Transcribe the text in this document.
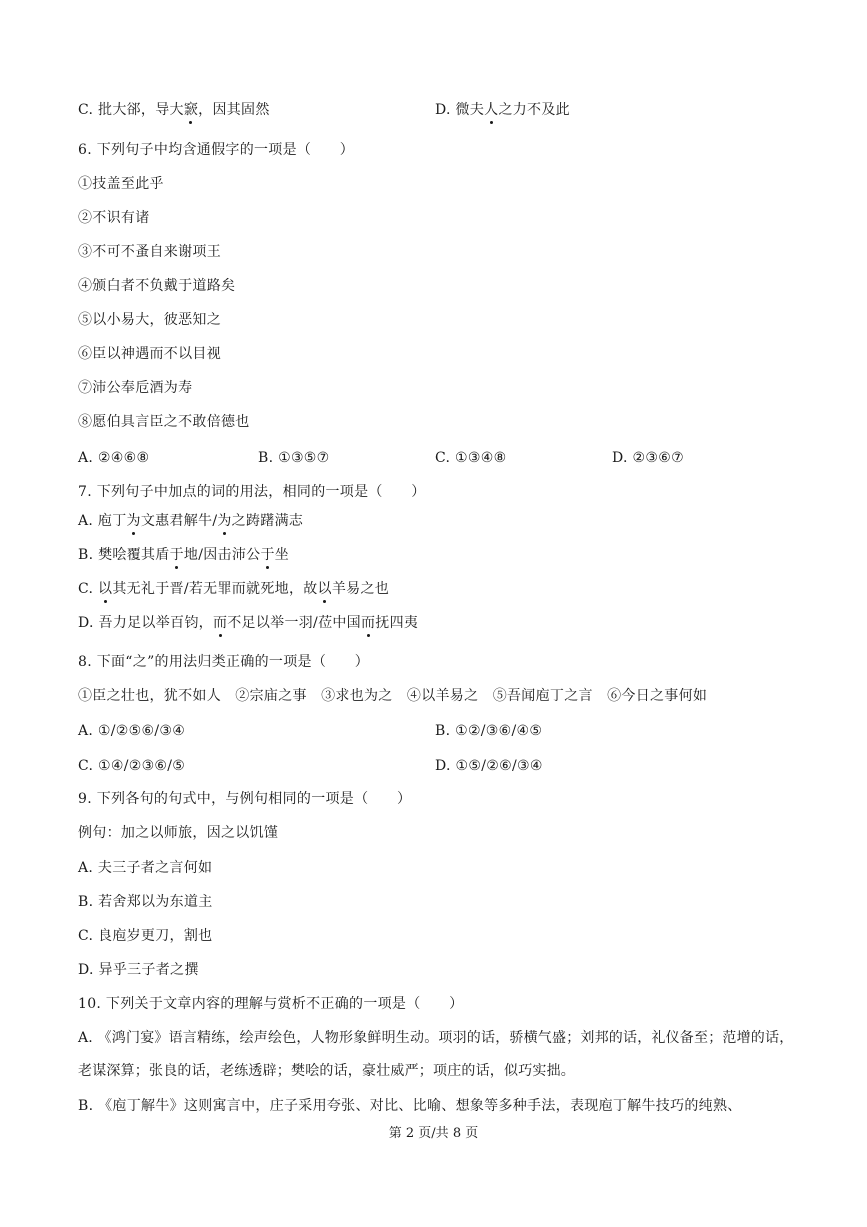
C. 批大郤，导大窾，因其固然	D. 微夫人之力不及此
6. 下列句子中均含通假字的一项是（　　）
①技盖至此乎
②不识有诸
③不可不蚤自来谢项王
④颁白者不负戴于道路矣
⑤以小易大，彼恶知之
⑥臣以神遇而不以目视
⑦沛公奉卮酒为寿
⑧愿伯具言臣之不敢倍德也
A. ②④⑥⑧	B. ①③⑤⑦	C. ①③④⑧	D. ②③⑥⑦
7. 下列句子中加点的词的用法，相同的一项是（　　）
A. 庖丁为文惠君解牛/为之踌躇满志
B. 樊哙覆其盾于地/因击沛公于坐
C. 以其无礼于晋/若无罪而就死地，故以羊易之也
D. 吾力足以举百钧，而不足以举一羽/莅中国而抚四夷
8. 下面“之”的用法归类正确的一项是（　　）
①臣之壮也，犹不如人　②宗庙之事　③求也为之　④以羊易之　⑤吾闻庖丁之言　⑥今日之事何如
A. ①/②⑤⑥/③④	B. ①②/③⑥/④⑤
C. ①④/②③⑥/⑤	D. ①⑤/②⑥/③④
9. 下列各句的句式中，与例句相同的一项是（　　）
例句：加之以师旅，因之以饥馑
A. 夫三子者之言何如
B. 若舍郑以为东道主
C. 良庖岁更刀，割也
D. 异乎三子者之撰
10. 下列关于文章内容的理解与赏析不正确的一项是（　　）
A. 《鸿门宴》语言精练，绘声绘色，人物形象鲜明生动。项羽的话，骄横气盛；刘邦的话，礼仪备至；范增的话，老谋深算；张良的话，老练透辟；樊哙的话，豪壮威严；项庄的话，似巧实拙。
B. 《庖丁解牛》这则寓言中，庄子采用夸张、对比、比喻、想象等多种手法，表现庖丁解牛技巧的纯熟、
第 2 页/共 8 页
